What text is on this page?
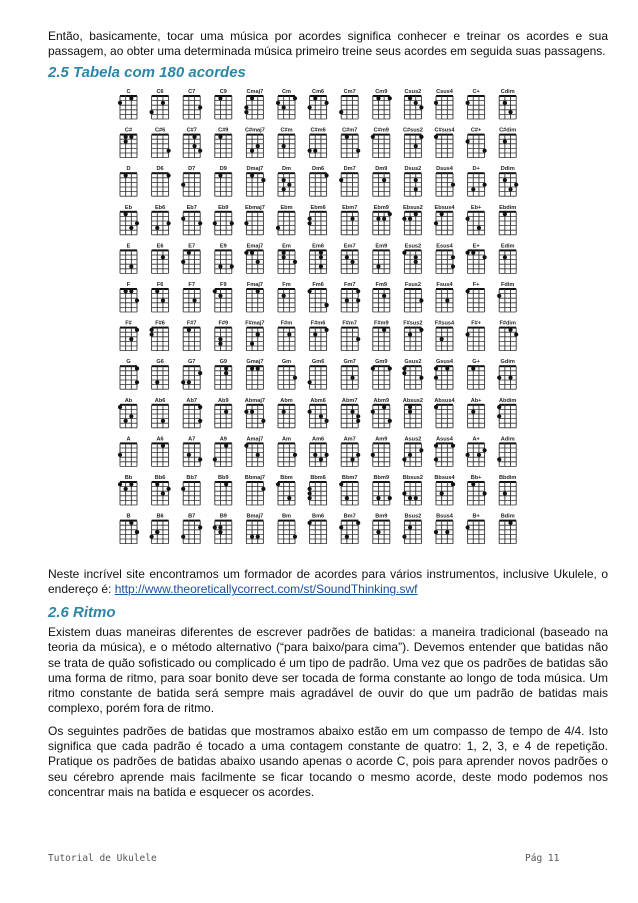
Então, basicamente, tocar uma música por acordes significa conhecer e treinar os acordes e sua passagem, ao obter uma determinada música primeiro treine seus acordes em seguida suas passagens.

2.5 Tabela com 180 acordes
C	C6	C7	C9	Cmaj7	Cm	Cm6	Cm7	Cm9	Csus2	Csus4	C+	Cdim
C#	C#6	C#7	C#9	C#maj7	C#m	C#m6	C#m7	C#m9	C#sus2 C#sus4	C#+	C#dim
D	D6	D7	D9	Dmaj7	Dm	Dm6	Dm7	Dm9	Dsus2	Dsus4	D+	Ddim
Eb	Eb6	Eb7	Eb9	Ebmaj7	Ebm	Ebm6	Ebm7	Ebm9	Ebsus2 Ebsus4	Eb+	Ebdim
E	E6	E7	E9	Emaj7	Em	Em6	Em7	Em9	Esus2	Esus4	E+	Edim
F	F6	F7	F9	Fmaj7	Fm	Fm6	Fm7	Fm9	Fsus2	Fsus4	F+	Fdim
F#	F#6	F#7	F#9	F#maj7	F#m	F#m6	F#m7	F#m9	F#sus2 F#sus4	F#+	F#dim
G	G6	G7	G9	Gmaj7	Gm	Gm6	Gm7	Gm9	Gsus2	Gsus4	G+	Gdim
Ab	Ab6	Ab7	Ab9	Abmaj7	Abm	Abm6	Abm7	Abm9 Absus2 Absus4	Ab+	Abdim
A	A6	A7	A9	Amaj7	Am	Am6	Am7	Am9	Asus2	Asus4	A+	Adim
Bb	Bb6	Bb7	Bb9	Bbmaj7	Bbm	Bbm6	Bbm7	Bbm9 Bbsus2 Bbsus4	Bb+	Bbdim
B	B6	B7	B9	Bmaj7	Bm	Bm6	Bm7	Bm9	Bsus2	Bsus4	B+	Bdim

Neste incrível site encontramos um formador de acordes para vários instrumentos, inclusive Ukulele, o endereço é: http://www.theoreticallycorrect.com/st/SoundThinking.swf

2.6 Ritmo

Existem duas maneiras diferentes de escrever padrões de batidas: a maneira tradicional (baseado na teoria da música), e o método alternativo (“para baixo/para cima”). Devemos entender que batidas não se trata de quão sofisticado ou complicado é um tipo de padrão. Uma vez que os padrões de batidas são uma forma de ritmo, para soar bonito deve ser tocada de forma constante ao longo de toda música. Um ritmo constante de batida será sempre mais agradável de ouvir do que um padrão de batidas mais complexo, porém fora de ritmo.

Os seguintes padrões de batidas que mostramos abaixo estão em um compasso de tempo de 4/4. Isto significa que cada padrão é tocado a uma contagem constante de quatro: 1, 2, 3, e 4 de repetição. Pratique os padrões de batidas abaixo usando apenas o acorde C, pois para aprender novos padrões o seu cérebro aprende mais facilmente se ficar tocando o mesmo acorde, deste modo podemos nos concentrar mais na batida e esquecer os acordes.

Tutorial de Ukulele	Pág 11
